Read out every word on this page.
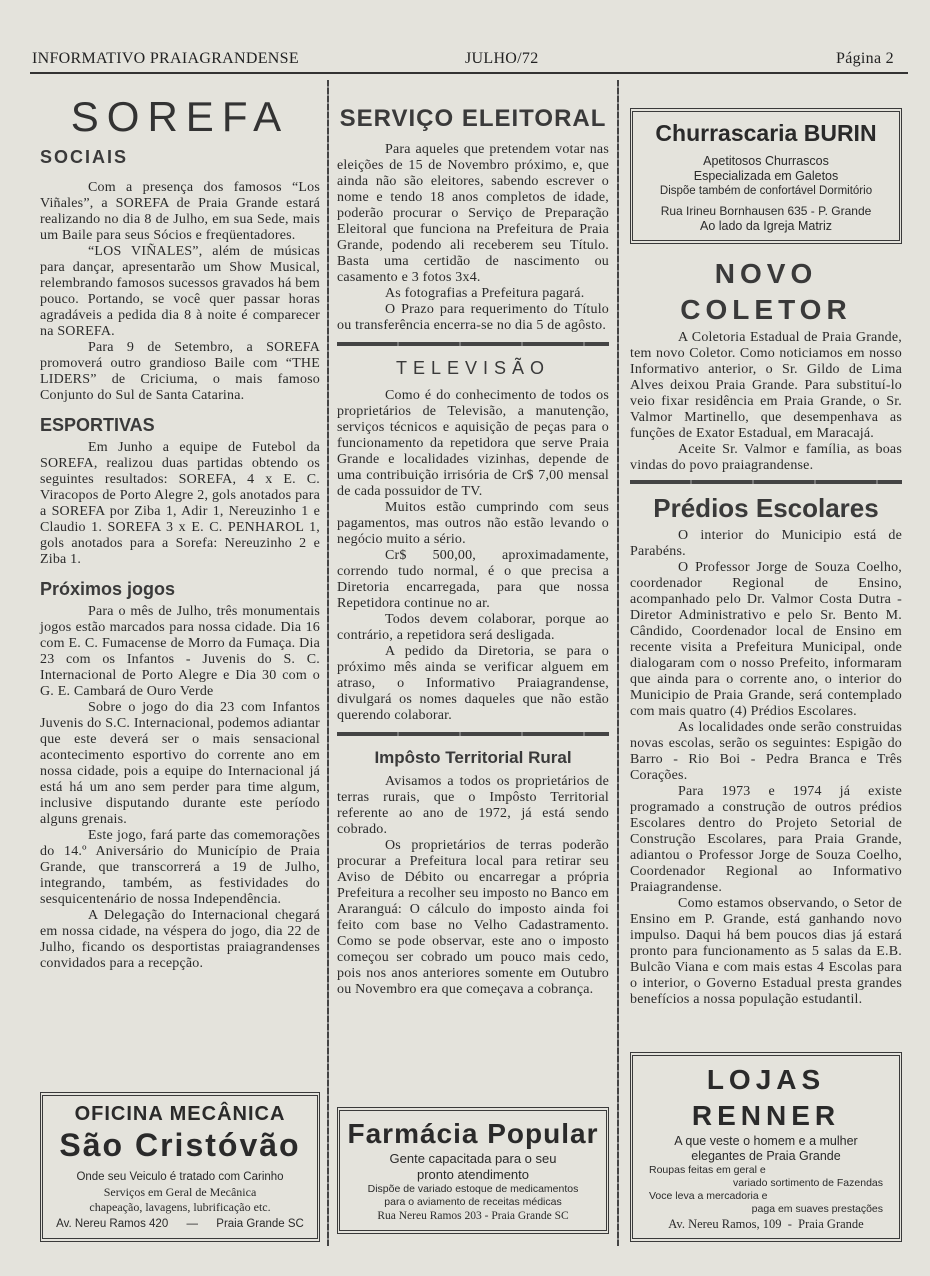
INFORMATIVO PRAIAGRANDENSE	JULHO/72	Página 2
SOREFA
SOCIAIS

Com a presença dos famosos “Los Viñales”, a SOREFA de Praia Grande estará realizando no dia 8 de Julho, em sua Sede, mais um Baile para seus Sócios e freqüentadores.

“LOS VIÑALES”, além de músicas para dançar, apresentarão um Show Musical, relembrando famosos sucessos gravados há bem pouco. Portando, se você quer passar horas agradáveis a pedida dia 8 à noite é comparecer na SOREFA.

Para 9 de Setembro, a SOREFA promoverá outro grandioso Baile com “THE LIDERS” de Criciuma, o mais famoso Conjunto do Sul de Santa Catarina.

ESPORTIVAS

Em Junho a equipe de Futebol da SOREFA, realizou duas partidas obtendo os seguintes resultados: SOREFA, 4 x E. C. Viracopos de Porto Alegre 2, gols anotados para a SOREFA por Ziba 1, Adir 1, Nereuzinho 1 e Claudio 1. SOREFA 3 x E. C. PENHAROL 1, gols anotados para a Sorefa: Nereuzinho 2 e Ziba 1.

Próximos jogos

Para o mês de Julho, três monumentais jogos estão marcados para nossa cidade. Dia 16 com E. C. Fumacense de Morro da Fumaça. Dia 23 com os Infantos - Juvenis do S. C. Internacional de Porto Alegre e Dia 30 com o G. E. Cambará de Ouro Verde

Sobre o jogo do dia 23 com Infantos Juvenis do S.C. Internacional, podemos adiantar que este deverá ser o mais sensacional acontecimento esportivo do corrente ano em nossa cidade, pois a equipe do Internacional já está há um ano sem perder para time algum, inclusive disputando durante este período alguns grenais.

Este jogo, fará parte das comemorações do 14.º Aniversário do Município de Praia Grande, que transcorrerá a 19 de Julho, integrando, também, as festividades do sesquicentenário de nossa Independência.

A Delegação do Internacional chegará em nossa cidade, na véspera do jogo, dia 22 de Julho, ficando os desportistas praiagrandenses convidados para a recepção.

OFICINA MECÂNICA
São Cristóvão
Onde seu Veiculo é tratado com Carinho
Serviços em Geral de Mecânica
chapeação, lavagens, lubrificação etc.
Av. Nereu Ramos 420 — Praia Grande SC
SERVIÇO ELEITORAL

Para aqueles que pretendem votar nas eleições de 15 de Novembro próximo, e, que ainda não são eleitores, sabendo escrever o nome e tendo 18 anos completos de idade, poderão procurar o Serviço de Preparação Eleitoral que funciona na Prefeitura de Praia Grande, podendo ali receberem seu Título. Basta uma certidão de nascimento ou casamento e 3 fotos 3x4.

As fotografias a Prefeitura pagará.

O Prazo para requerimento do Título ou transferência encerra-se no dia 5 de agôsto.

TELEVISÃO

Como é do conhecimento de todos os proprietários de Televisão, a manutenção, serviços técnicos e aquisição de peças para o funcionamento da repetidora que serve Praia Grande e localidades vizinhas, depende de uma contribuição irrisória de Cr$ 7,00 mensal de cada possuidor de TV.

Muitos estão cumprindo com seus pagamentos, mas outros não estão levando o negócio muito a sério.

Cr$ 500,00, aproximadamente, correndo tudo normal, é o que precisa a Diretoria encarregada, para que nossa Repetidora continue no ar.

Todos devem colaborar, porque ao contrário, a repetidora será desligada.

A pedido da Diretoria, se para o próximo mês ainda se verificar alguem em atraso, o Informativo Praiagrandense, divulgará os nomes daqueles que não estão querendo colaborar.

Impôsto Territorial Rural

Avisamos a todos os proprietários de terras rurais, que o Impôsto Territorial referente ao ano de 1972, já está sendo cobrado.

Os proprietários de terras poderão procurar a Prefeitura local para retirar seu Aviso de Débito ou encarregar a própria Prefeitura a recolher seu imposto no Banco em Araranguá: O cálculo do imposto ainda foi feito com base no Velho Cadastramento. Como se pode observar, este ano o imposto começou ser cobrado um pouco mais cedo, pois nos anos anteriores somente em Outubro ou Novembro era que começava a cobrança.

Farmácia Popular
Gente capacitada para o seu
pronto atendimento
Dispõe de variado estoque de medicamentos
para o aviamento de receitas médicas
Rua Nereu Ramos 203 - Praia Grande SC
Churrascaria BURIN
Apetitosos Churrascos
Especializada em Galetos
Dispõe também de confortável Dormitório
Rua Irineu Bornhausen 635 - P. Grande
Ao lado da Igreja Matriz
NOVO COLETOR

A Coletoria Estadual de Praia Grande, tem novo Coletor. Como noticiamos em nosso Informativo anterior, o Sr. Gildo de Lima Alves deixou Praia Grande. Para substituí-lo veio fixar residência em Praia Grande, o Sr. Valmor Martinello, que desempenhava as funções de Exator Estadual, em Maracajá.

Aceite Sr. Valmor e família, as boas vindas do povo praiagrandense.

Prédios Escolares

O interior do Municipio está de Parabéns.

O Professor Jorge de Souza Coelho, coordenador Regional de Ensino, acompanhado pelo Dr. Valmor Costa Dutra - Diretor Administrativo e pelo Sr. Bento M. Cândido, Coordenador local de Ensino em recente visita a Prefeitura Municipal, onde dialogaram com o nosso Prefeito, informaram que ainda para o corrente ano, o interior do Municipio de Praia Grande, será contemplado com mais quatro (4) Prédios Escolares.

As localidades onde serão construidas novas escolas, serão os seguintes: Espigão do Barro - Rio Boi - Pedra Branca e Três Corações.

Para 1973 e 1974 já existe programado a construção de outros prédios Escolares dentro do Projeto Setorial de Construção Escolares, para Praia Grande, adiantou o Professor Jorge de Souza Coelho, Coordenador Regional ao Informativo Praiagrandense.

Como estamos observando, o Setor de Ensino em P. Grande, está ganhando novo impulso. Daqui há bem poucos dias já estará pronto para funcionamento as 5 salas da E.B. Bulcão Viana e com mais estas 4 Escolas para o interior, o Governo Estadual presta grandes benefícios a nossa população estudantil.

LOJAS RENNER
A que veste o homem e a mulher
elegantes de Praia Grande
Roupas feitas em geral e
variado sortimento de Fazendas
Voce leva a mercadoria e
paga em suaves prestações
Av. Nereu Ramos, 109  -  Praia Grande
